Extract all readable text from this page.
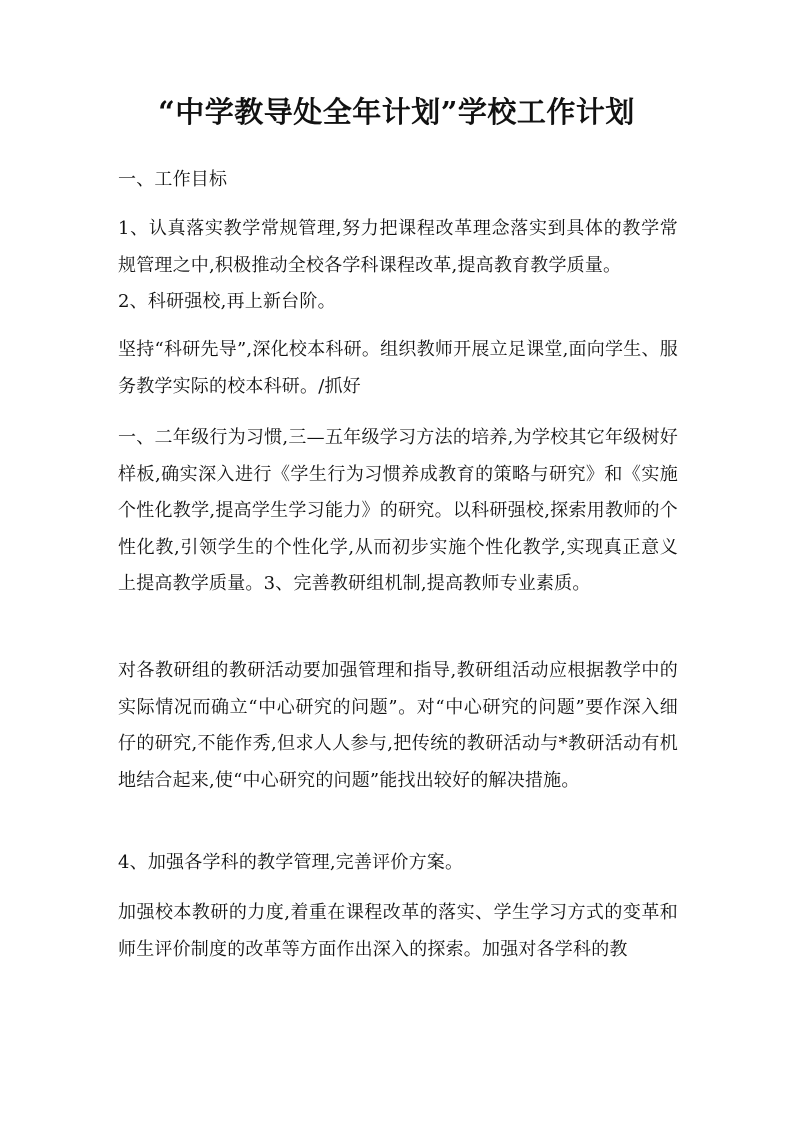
“中学教导处全年计划”学校工作计划

一、工作目标

1、认真落实教学常规管理,努力把课程改革理念落实到具体的教学常规管理之中,积极推动全校各学科课程改革,提高教育教学质量。

2、科研强校,再上新台阶。

坚持“科研先导”,深化校本科研。组织教师开展立足课堂,面向学生、服务教学实际的校本科研。/抓好

一、二年级行为习惯,三—五年级学习方法的培养,为学校其它年级树好样板,确实深入进行《学生行为习惯养成教育的策略与研究》和《实施个性化教学,提高学生学习能力》的研究。以科研强校,探索用教师的个性化教,引领学生的个性化学,从而初步实施个性化教学,实现真正意义上提高教学质量。3、完善教研组机制,提高教师专业素质。

对各教研组的教研活动要加强管理和指导,教研组活动应根据教学中的实际情况而确立“中心研究的问题”。对“中心研究的问题”要作深入细仔的研究,不能作秀,但求人人参与,把传统的教研活动与*教研活动有机地结合起来,使“中心研究的问题”能找出较好的解决措施。

4、加强各学科的教学管理,完善评价方案。

加强校本教研的力度,着重在课程改革的落实、学生学习方式的变革和师生评价制度的改革等方面作出深入的探索。加强对各学科的教
